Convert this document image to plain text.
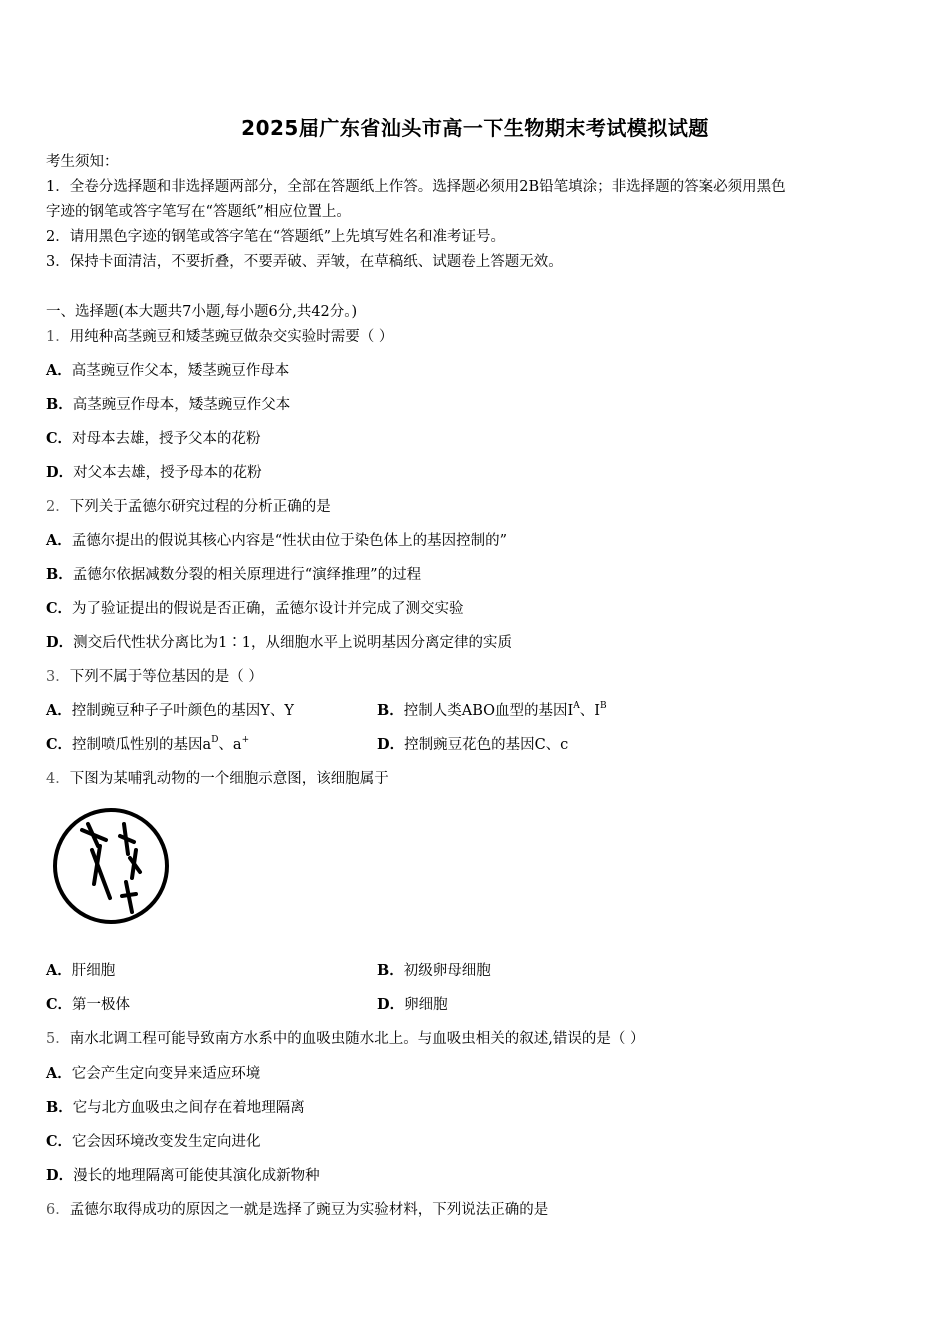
2025届广东省汕头市高一下生物期末考试模拟试题
考生须知：
1．全卷分选择题和非选择题两部分，全部在答题纸上作答。选择题必须用2B铅笔填涂；非选择题的答案必须用黑色
字迹的钢笔或答字笔写在“答题纸”相应位置上。
2．请用黑色字迹的钢笔或答字笔在“答题纸”上先填写姓名和准考证号。
3．保持卡面清洁，不要折叠，不要弄破、弄皱，在草稿纸、试题卷上答题无效。
一、选择题(本大题共7小题,每小题6分,共42分。)
1．用纯种高茎豌豆和矮茎豌豆做杂交实验时需要（ ）
A．高茎豌豆作父本，矮茎豌豆作母本
B．高茎豌豆作母本，矮茎豌豆作父本
C．对母本去雄，授予父本的花粉
D．对父本去雄，授予母本的花粉
2．下列关于孟德尔研究过程的分析正确的是
A．孟德尔提出的假说其核心内容是“性状由位于染色体上的基因控制的”
B．孟德尔依据减数分裂的相关原理进行“演绎推理”的过程
C．为了验证提出的假说是否正确，孟德尔设计并完成了测交实验
D．测交后代性状分离比为1∶1，从细胞水平上说明基因分离定律的实质
3．下列不属于等位基因的是（ ）
A．控制豌豆种子子叶颜色的基因Y、Y	B．控制人类ABO血型的基因$I^A$、$I^B$
C．控制喷瓜性别的基因$a^D$、a+	D．控制豌豆花色的基因C、c
4．下图为某哺乳动物的一个细胞示意图，该细胞属于
A．肝细胞	B．初级卵母细胞
C．第一极体	D．卵细胞
5．南水北调工程可能导致南方水系中的血吸虫随水北上。与血吸虫相关的叙述,错误的是（ ）
A．它会产生定向变异来适应环境
B．它与北方血吸虫之间存在着地理隔离
C．它会因环境改变发生定向进化
D．漫长的地理隔离可能使其演化成新物种
6．孟德尔取得成功的原因之一就是选择了豌豆为实验材料，下列说法正确的是
